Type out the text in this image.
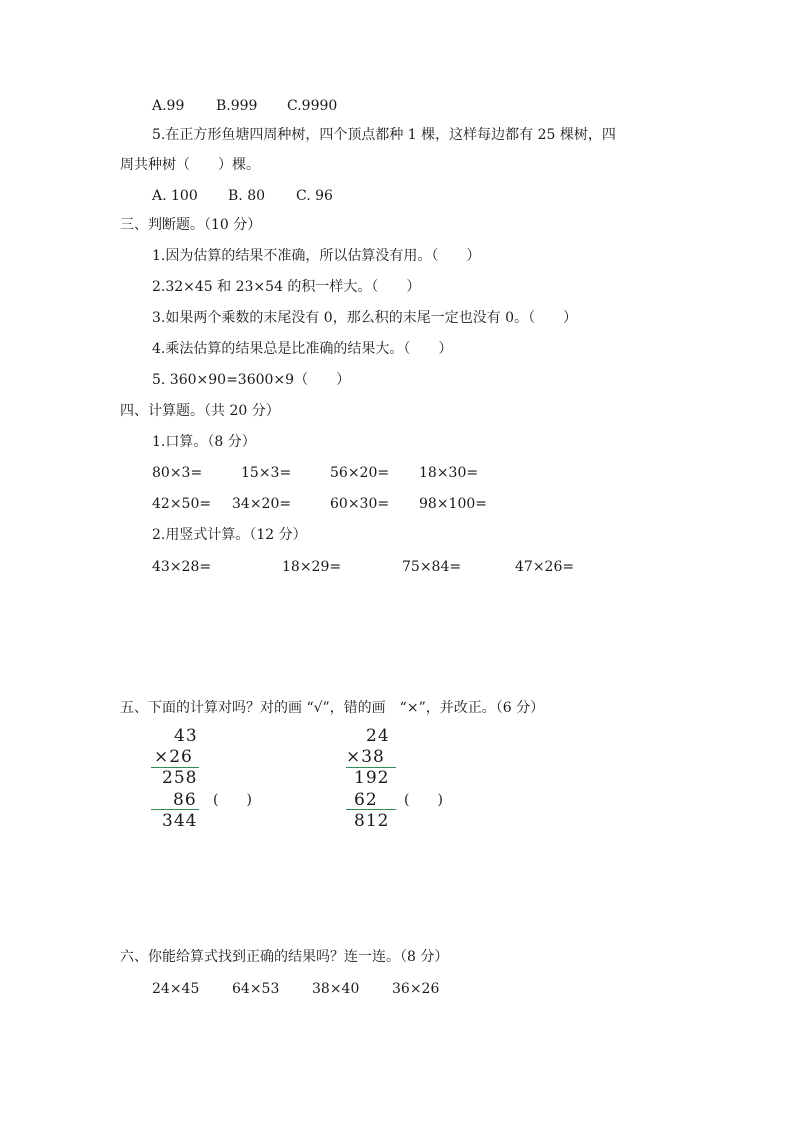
A.99 B.999 C.9990
5.在正方形鱼塘四周种树，四个顶点都种 1 棵，这样每边都有 25 棵树，四
周共种树（　　）棵。
A. 100 B. 80 C. 96
三、判断题。（10 分）
1.因为估算的结果不准确，所以估算没有用。（　　）
2.32×45 和 23×54 的积一样大。（　　）
3.如果两个乘数的末尾没有 0，那么积的末尾一定也没有 0。（　　）
4.乘法估算的结果总是比准确的结果大。（　　）
5. 360×90=3600×9（　　）
四、计算题。（共 20 分）
1.口算。（8 分）
80×3=	15×3=	56×20= 18×30=
42×50= 34×20=	60×30= 98×100=
2.用竖式计算。（12 分）
43×28=	18×29=	75×84=	47×26=
五、下面的计算对吗？对的画 “√”，错的画　“×”，并改正。（6 分）
43
×26
258
86
344
(　　)
24
×38
192
62
812
(　　)
六、你能给算式找到正确的结果吗？连一连。（8 分）
24×45 64×53 38×40 36×26
